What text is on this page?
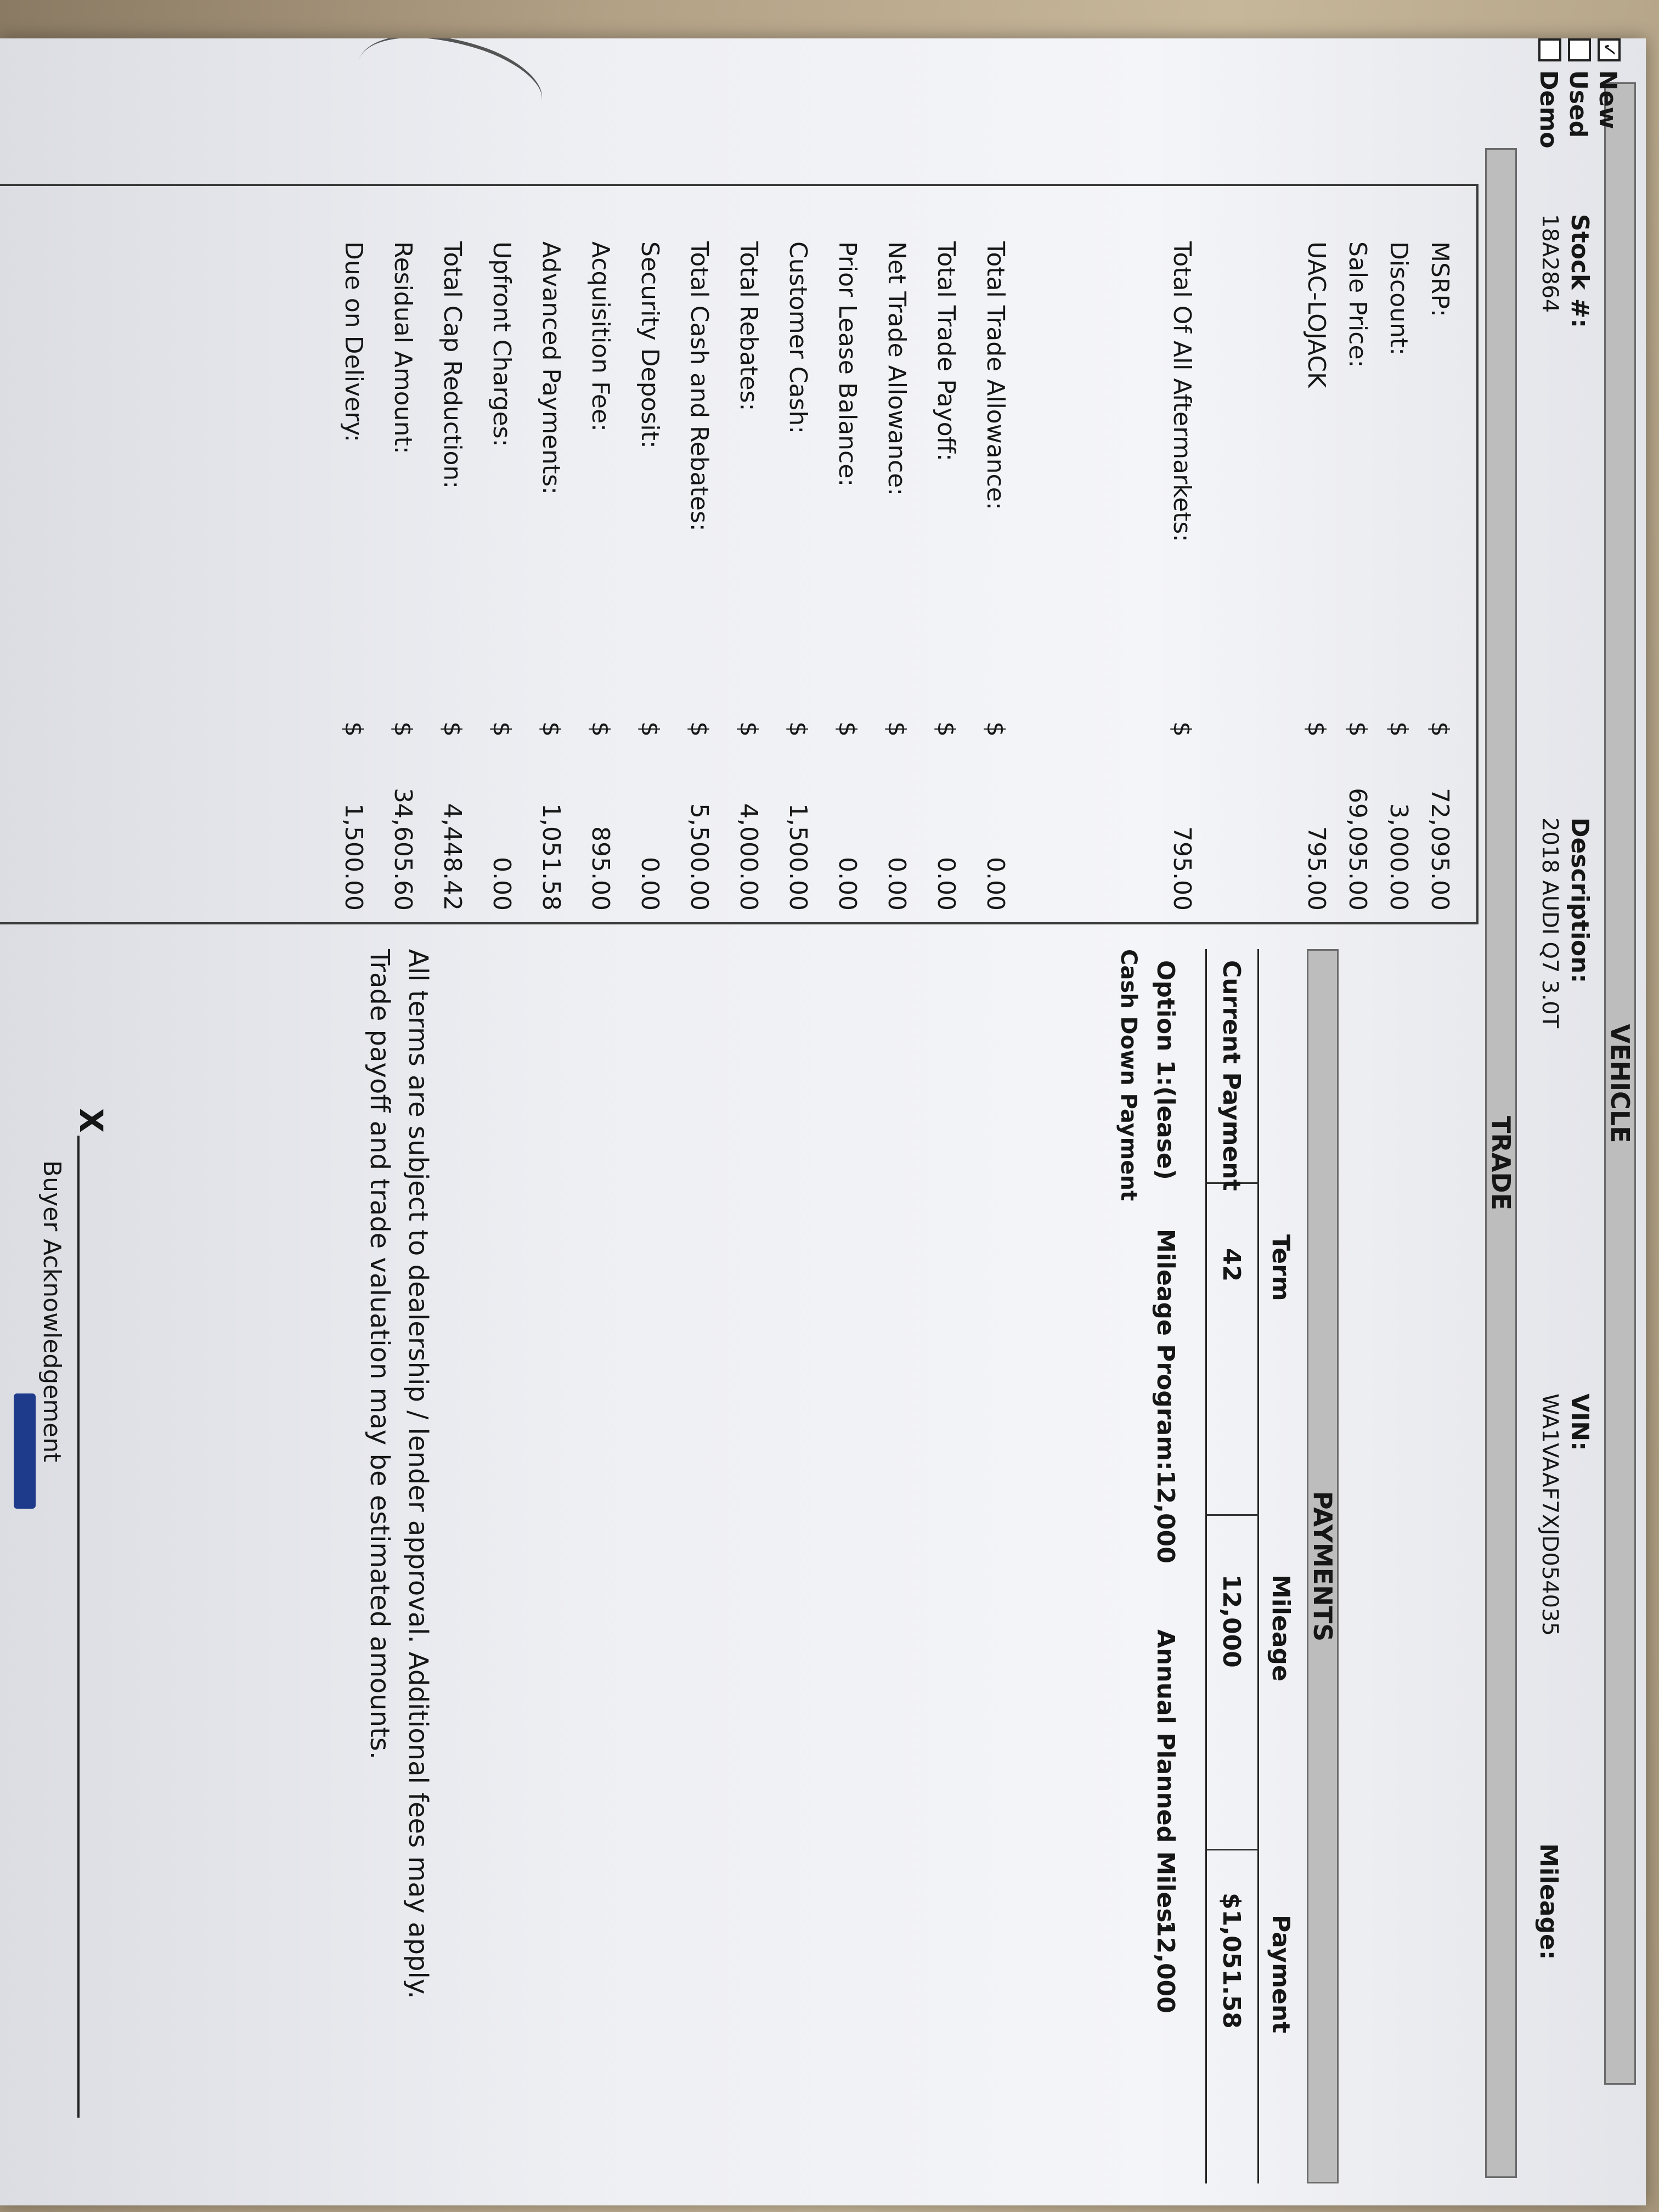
VEHICLE
✓
New
Used
Demo
Stock #:
18A2864
Description:
2018 AUDI Q7 3.0T
VIN:
WA1VAAF7XJD054035
Mileage:
TRADE
MSRP:
$
72,095.00
Discount:
$
3,000.00
Sale Price:
$
69,095.00
UAC-LOJACK
$
795.00
Total Of All Aftermarkets:
$
795.00
Total Trade Allowance:
$
0.00
Total Trade Payoff:
$
0.00
Net Trade Allowance:
$
0.00
Prior Lease Balance:
$
0.00
Customer Cash:
$
1,500.00
Total Rebates:
$
4,000.00
Total Cash and Rebates:
$
5,500.00
Security Deposit:
$
0.00
Acquisition Fee:
$
895.00
Advanced Payments:
$
1,051.58
Upfront Charges:
$
0.00
Total Cap Reduction:
$
4,448.42
Residual Amount:
$
34,605.60
Due on Delivery:
$
1,500.00
PAYMENTS
Term
Mileage
Payment
Current Payment
42
12,000
$1,051.58
Option 1:
(lease)
Mileage Program:
12,000
Annual Planned Miles:
12,000
Cash Down Payment
All terms are subject to dealership / lender approval. Additional fees may apply.
Trade payoff and trade valuation may be estimated amounts.
X
Buyer Acknowledgement
